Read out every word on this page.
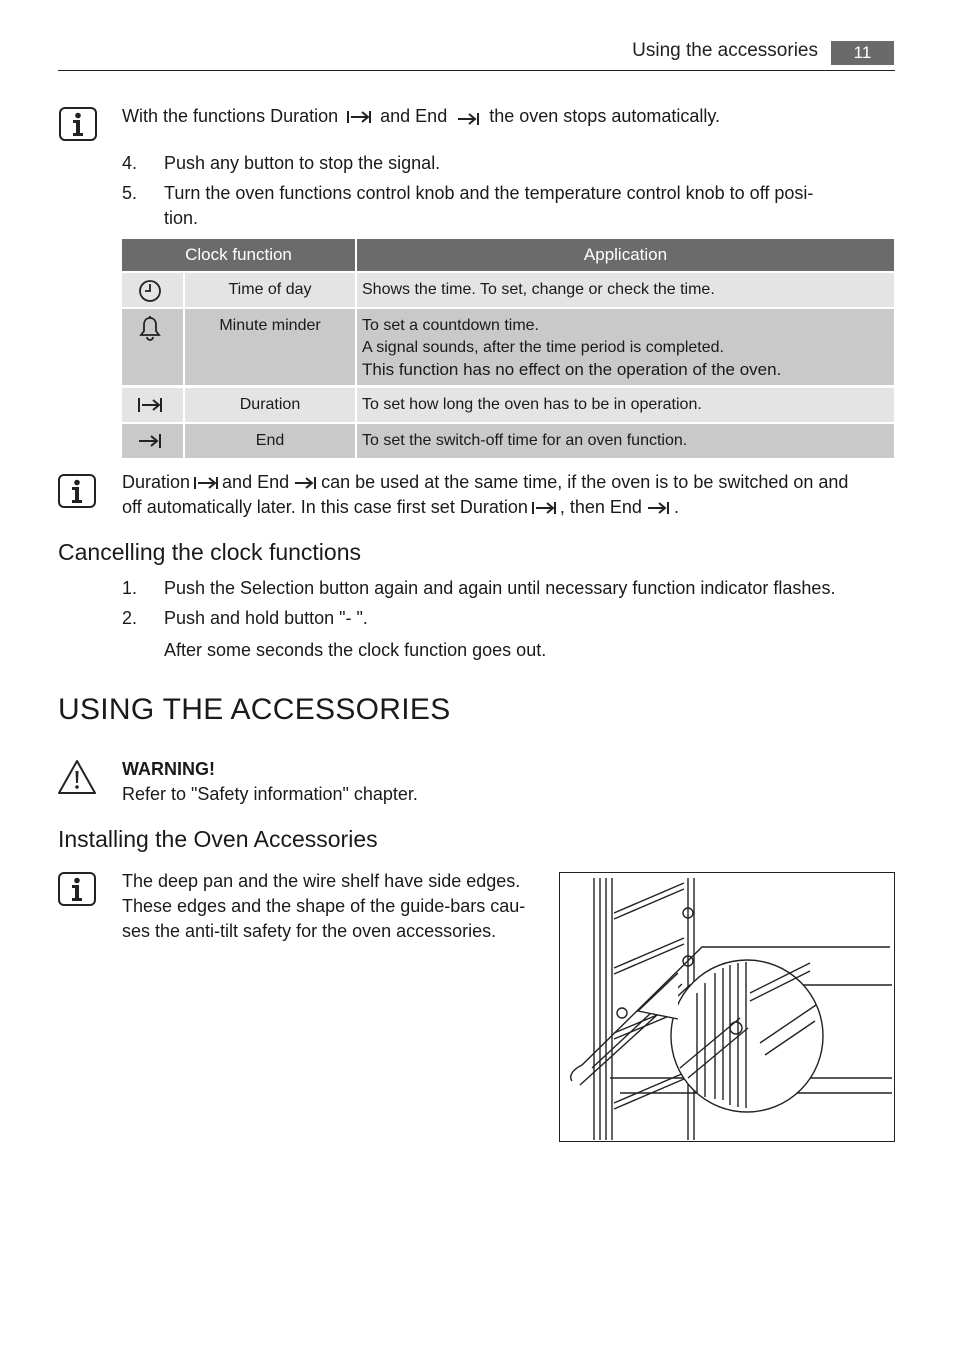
Using the accessories	11
With the functions Duration and End the oven stops automatically.
4. Push any button to stop the signal.
5. Turn the oven functions control knob and the temperature control knob to off posi-
tion.
Clock function	Application
Time of day	Shows the time. To set, change or check the time.
Minute minder	To set a countdown time.
A signal sounds, after the time period is completed.
This function has no effect on the operation of the oven.
Duration	To set how long the oven has to be in operation.
End	To set the switch-off time for an oven function.
Duration and End can be used at the same time, if the oven is to be switched on and
off automatically later. In this case first set Duration , then End .
Cancelling the clock functions
1. Push the Selection button again and again until necessary function indicator flashes.
2. Push and hold button "- ".
After some seconds the clock function goes out.
USING THE ACCESSORIES
WARNING!
Refer to "Safety information" chapter.
Installing the Oven Accessories
The deep pan and the wire shelf have side edges.
These edges and the shape of the guide-bars cau-
ses the anti-tilt safety for the oven accessories.
